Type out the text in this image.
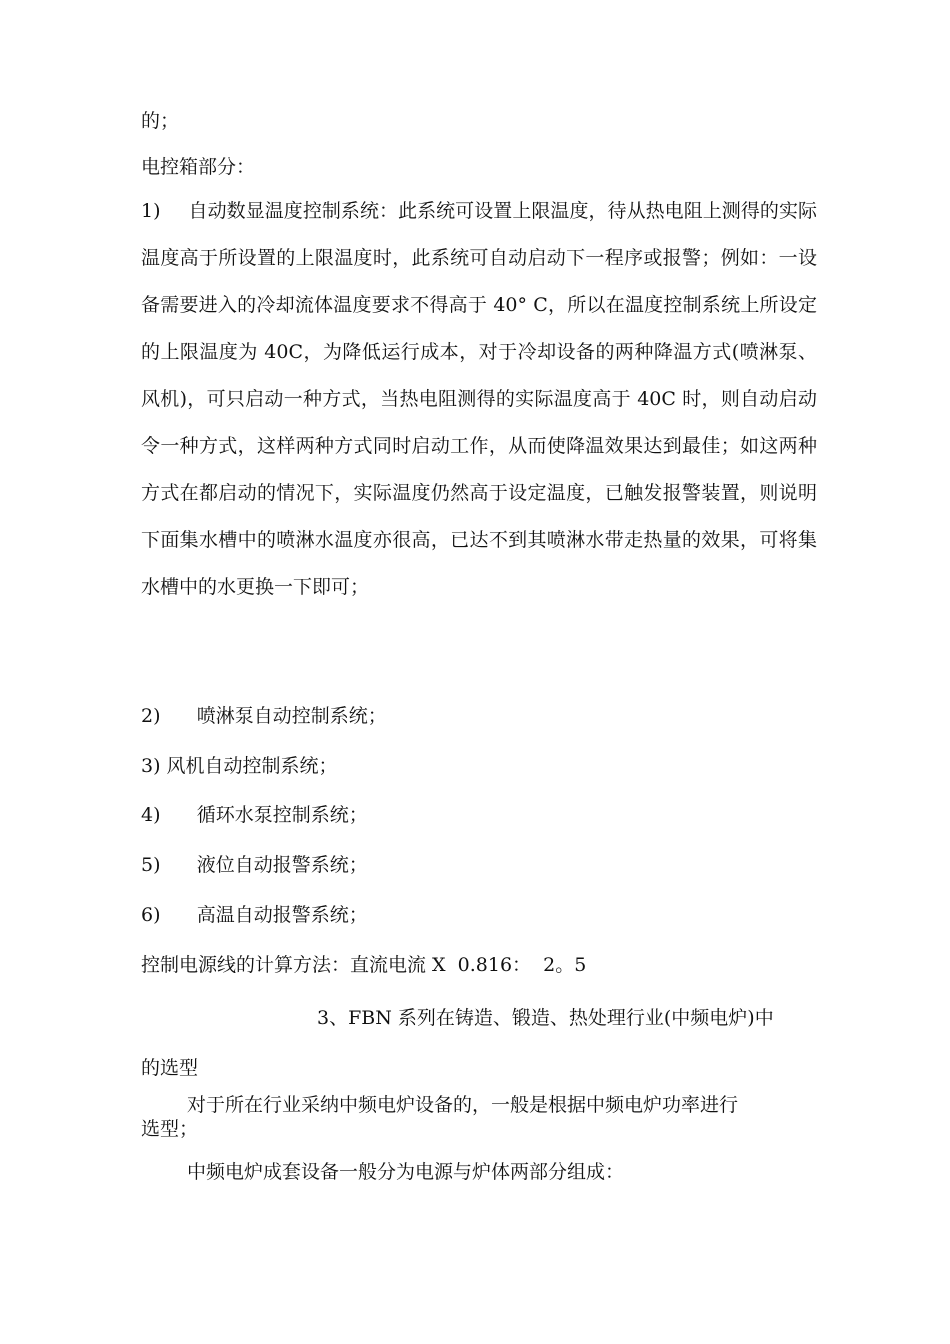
的；
电控箱部分：
1) 自动数显温度控制系统：此系统可设置上限温度，待从热电阻上测得的实际温度高于所设置的上限温度时，此系统可自动启动下一程序或报警；例如：一设备需要进入的冷却流体温度要求不得高于 40° C，所以在温度控制系统上所设定的上限温度为 40C，为降低运行成本，对于冷却设备的两种降温方式(喷淋泵、风机)，可只启动一种方式，当热电阻测得的实际温度高于 40C 时，则自动启动令一种方式，这样两种方式同时启动工作，从而使降温效果达到最佳；如这两种方式在都启动的情况下，实际温度仍然高于设定温度，已触发报警装置，则说明下面集水槽中的喷淋水温度亦很高，已达不到其喷淋水带走热量的效果，可将集水槽中的水更换一下即可；
2)      喷淋泵自动控制系统；
3) 风机自动控制系统；
4)      循环水泵控制系统；
5)      液位自动报警系统；
6)      高温自动报警系统；
控制电源线的计算方法：直流电流 X  0.816：  2。5
3、FBN 系列在铸造、锻造、热处理行业(中频电炉)中
的选型
对于所在行业采纳中频电炉设备的，一般是根据中频电炉功率进行
选型；
中频电炉成套设备一般分为电源与炉体两部分组成：
